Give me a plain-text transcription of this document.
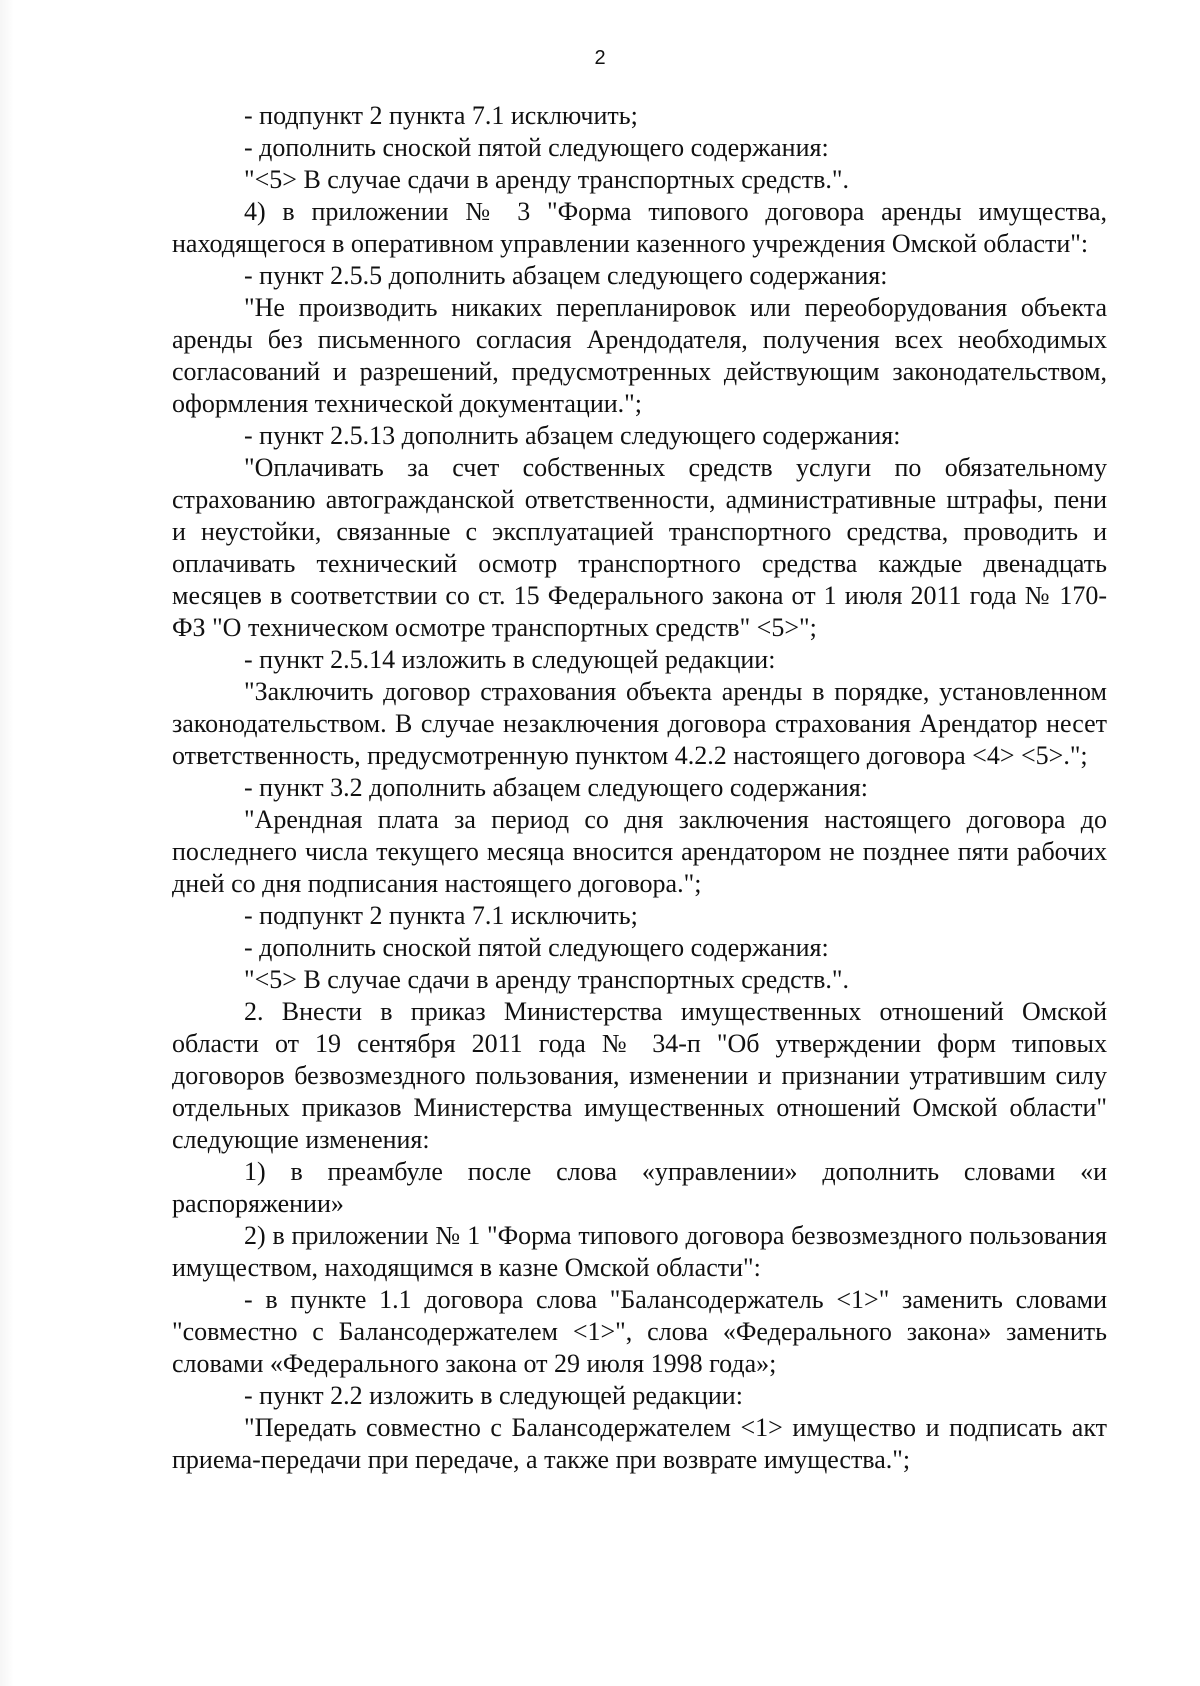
2

- подпункт 2 пункта 7.1 исключить;

- дополнить сноской пятой следующего содержания:

"<5> В случае сдачи в аренду транспортных средств.".

4) в приложении № 3 "Форма типового договора аренды имущества, находящегося в оперативном управлении казенного учреждения Омской области":

- пункт 2.5.5 дополнить абзацем следующего содержания:

"Не производить никаких перепланировок или переоборудования объекта аренды без письменного согласия Арендодателя, получения всех необходимых согласований и разрешений, предусмотренных действующим законодательством, оформления технической документации.";

- пункт 2.5.13 дополнить абзацем следующего содержания:

"Оплачивать за счет собственных средств услуги по обязательному страхованию автогражданской ответственности, административные штрафы, пени и неустойки, связанные с эксплуатацией транспортного средства, проводить и оплачивать технический осмотр транспортного средства каждые двенадцать месяцев в соответствии со ст. 15 Федерального закона от 1 июля 2011 года № 170-ФЗ "О техническом осмотре транспортных средств" <5>";

- пункт 2.5.14 изложить в следующей редакции:

"Заключить договор страхования объекта аренды в порядке, установленном законодательством. В случае незаключения договора страхования Арендатор несет ответственность, предусмотренную пунктом 4.2.2 настоящего договора <4> <5>.";

- пункт 3.2 дополнить абзацем следующего содержания:

"Арендная плата за период со дня заключения настоящего договора до последнего числа текущего месяца вносится арендатором не позднее пяти рабочих дней со дня подписания настоящего договора.";

- подпункт 2 пункта 7.1 исключить;

- дополнить сноской пятой следующего содержания:

"<5> В случае сдачи в аренду транспортных средств.".

2. Внести в приказ Министерства имущественных отношений Омской области от 19 сентября 2011 года № 34-п "Об утверждении форм типовых договоров безвозмездного пользования, изменении и признании утратившим силу отдельных приказов Министерства имущественных отношений Омской области" следующие изменения:

1) в преамбуле после слова «управлении» дополнить словами «и распоряжении»

2) в приложении № 1 "Форма типового договора безвозмездного пользования имуществом, находящимся в казне Омской области":

- в пункте 1.1 договора слова "Балансодержатель <1>" заменить словами "совместно с Балансодержателем <1>", слова «Федерального закона» заменить словами «Федерального закона от 29 июля 1998 года»;

- пункт 2.2 изложить в следующей редакции:

"Передать совместно с Балансодержателем <1> имущество и подписать акт приема-передачи при передаче, а также при возврате имущества.";
